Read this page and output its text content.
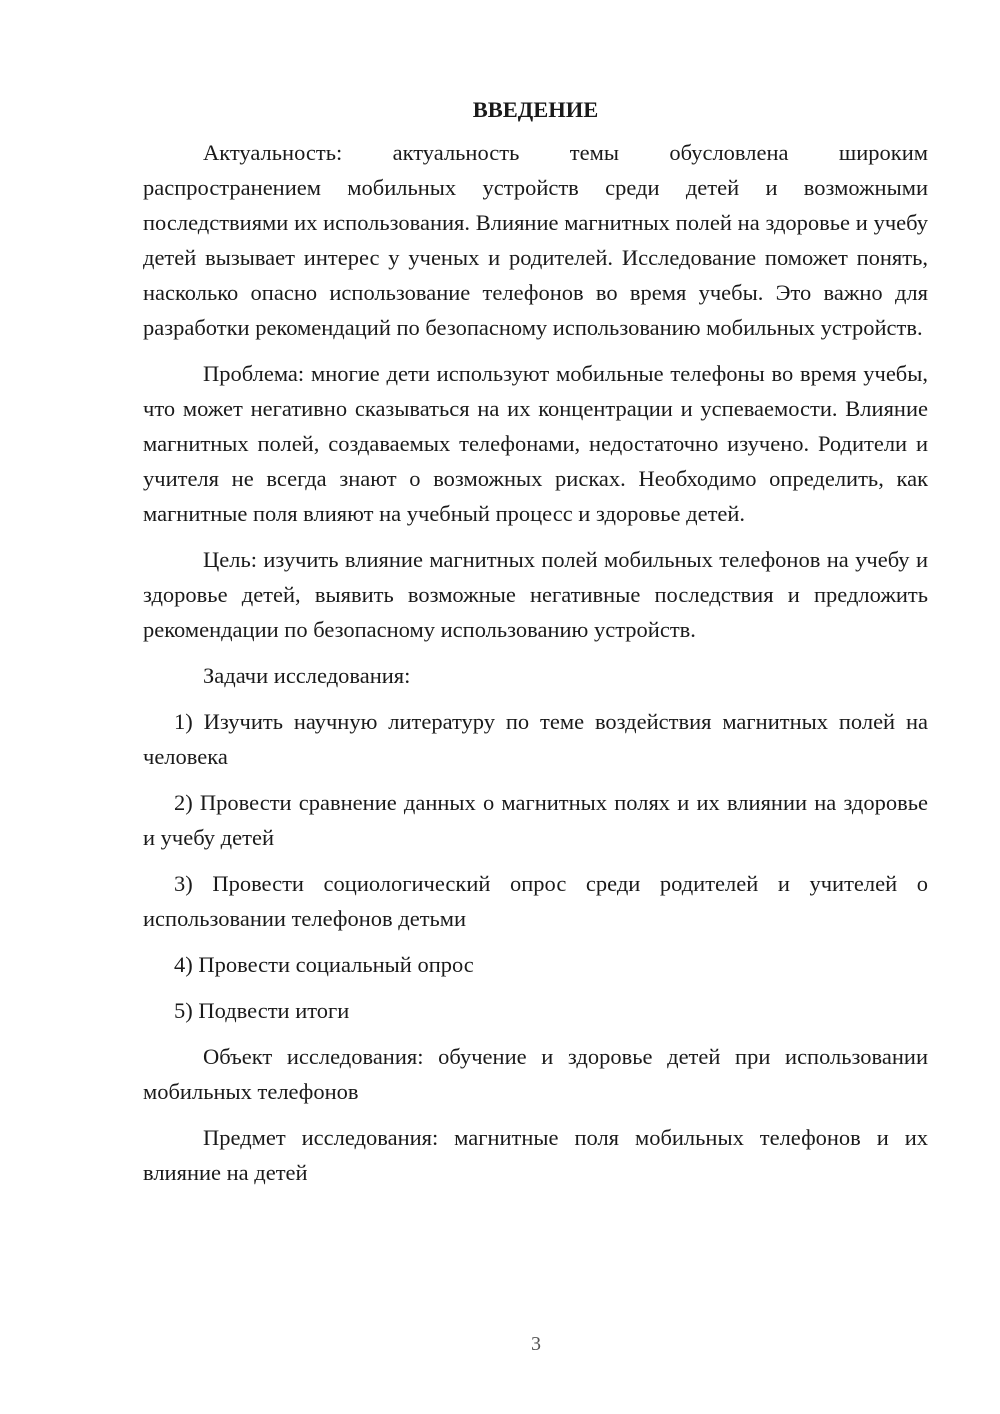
ВВЕДЕНИЕ

Актуальность: актуальность темы обусловлена широким распространением мобильных устройств среди детей и возможными последствиями их использования. Влияние магнитных полей на здоровье и учебу детей вызывает интерес у ученых и родителей. Исследование поможет понять, насколько опасно использование телефонов во время учебы. Это важно для разработки рекомендаций по безопасному использованию мобильных устройств.

Проблема: многие дети используют мобильные телефоны во время учебы, что может негативно сказываться на их концентрации и успеваемости. Влияние магнитных полей, создаваемых телефонами, недостаточно изучено. Родители и учителя не всегда знают о возможных рисках. Необходимо определить, как магнитные поля влияют на учебный процесс и здоровье детей.

Цель: изучить влияние магнитных полей мобильных телефонов на учебу и здоровье детей, выявить возможные негативные последствия и предложить рекомендации по безопасному использованию устройств.

Задачи исследования:

1) Изучить научную литературу по теме воздействия магнитных полей на человека

2) Провести сравнение данных о магнитных полях и их влиянии на здоровье и учебу детей

3) Провести социологический опрос среди родителей и учителей о использовании телефонов детьми

4) Провести социальный опрос

5) Подвести итоги

Объект исследования: обучение и здоровье детей при использовании мобильных телефонов

Предмет исследования: магнитные поля мобильных телефонов и их влияние на детей

3
